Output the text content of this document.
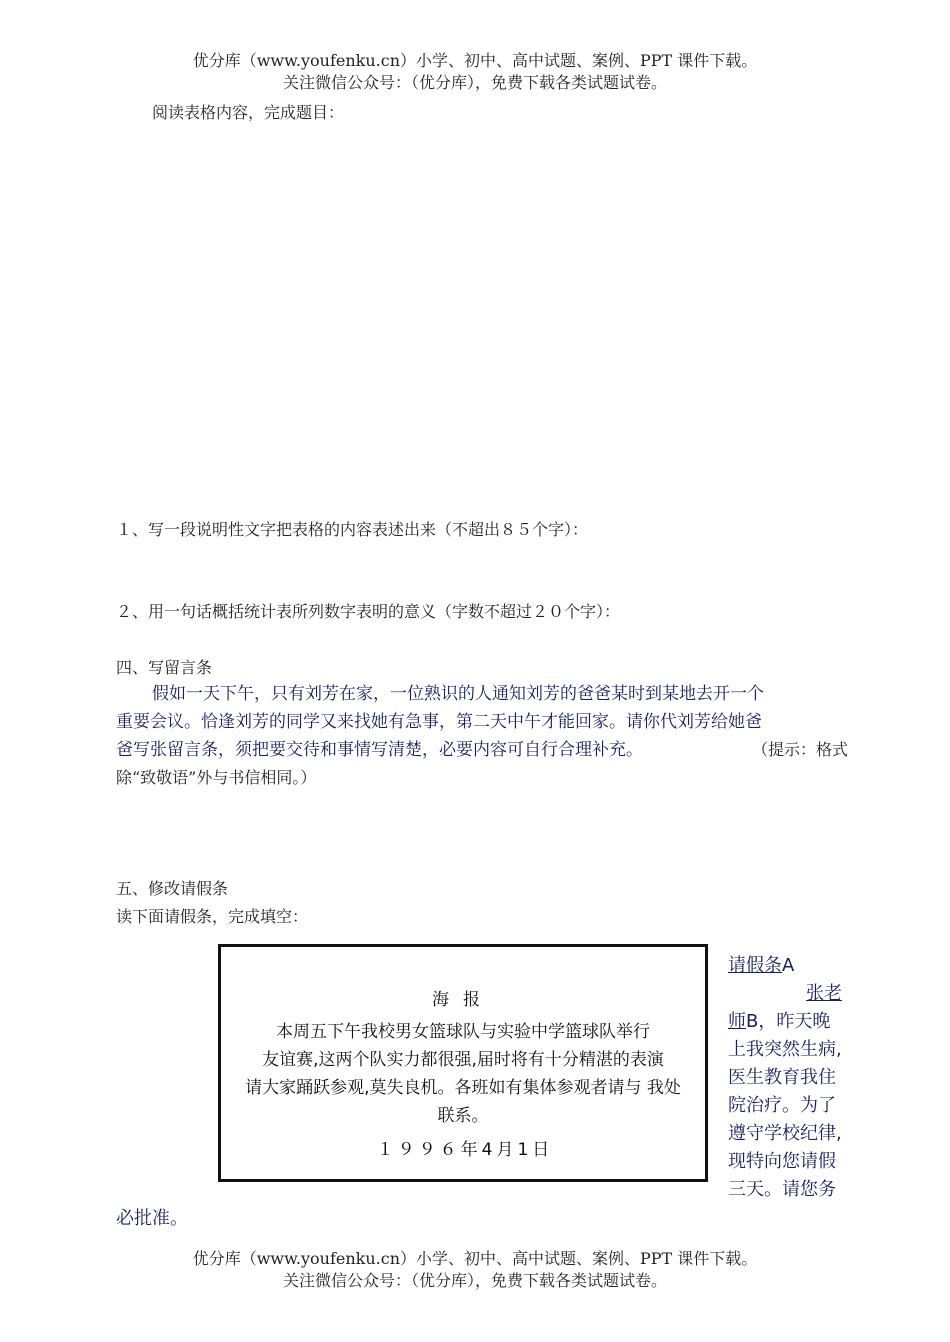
优分库（www.youfenku.cn）小学、初中、高中试题、案例、PPT 课件下载。
关注微信公众号：（优分库），免费下载各类试题试卷。
阅读表格内容，完成题目：
１、写一段说明性文字把表格的内容表述出来（不超出８５个字）：
２、用一句话概括统计表所列数字表明的意义（字数不超过２０个字）：
四、写留言条
假如一天下午，只有刘芳在家，一位熟识的人通知刘芳的爸爸某时到某地去开一个
重要会议。恰逢刘芳的同学又来找她有急事，第二天中午才能回家。请你代刘芳给她爸
爸写张留言条，须把要交待和事情写清楚，必要内容可自行合理补充。	（提示：格式
除“致敬语”外与书信相同。）
五、修改请假条
读下面请假条，完成填空：
海报
本周五下午我校男女篮球队与实验中学篮球队举行
友谊赛,这两个队实力都很强,届时将有十分精湛的表演
请大家踊跃参观,莫失良机。各班如有集体参观者请与 我处
联系。
１９９６年4月1日
请假条A
张老
师B，昨天晚
上我突然生病,
医生教育我住
院治疗。为了
遵守学校纪律,
现特向您请假
三天。请您务
必批准。
优分库（www.youfenku.cn）小学、初中、高中试题、案例、PPT 课件下载。
关注微信公众号：（优分库），免费下载各类试题试卷。
